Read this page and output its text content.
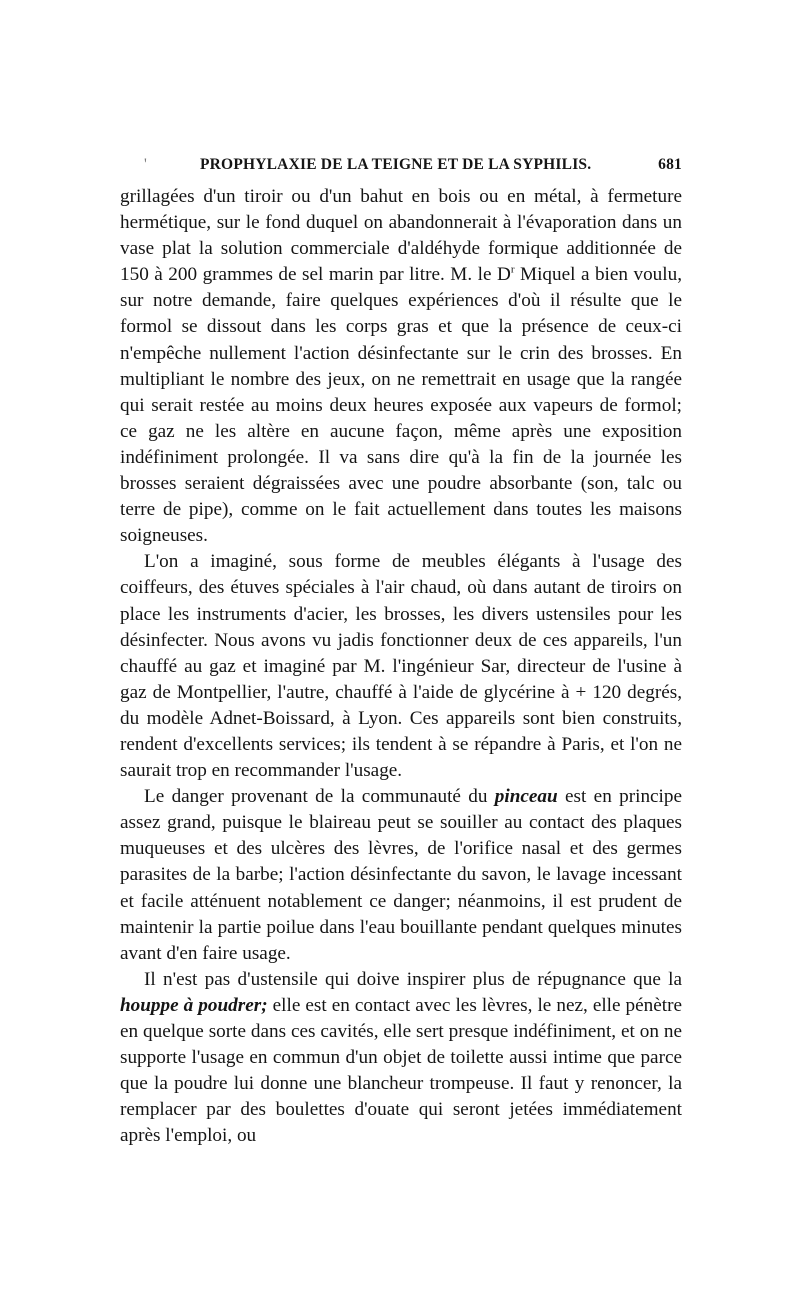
'	PROPHYLAXIE DE LA TEIGNE ET DE LA SYPHILIS.	681

grillagées d'un tiroir ou d'un bahut en bois ou en métal, à fermeture hermétique, sur le fond duquel on abandonnerait à l'évaporation dans un vase plat la solution commerciale d'aldéhyde formique additionnée de 150 à 200 grammes de sel marin par litre. M. le $D^r$ Miquel a bien voulu, sur notre demande, faire quelques expériences d'où il résulte que le formol se dissout dans les corps gras et que la présence de ceux-ci n'empêche nullement l'action désinfectante sur le crin des brosses. En multipliant le nombre des jeux, on ne remettrait en usage que la rangée qui serait restée au moins deux heures exposée aux vapeurs de formol; ce gaz ne les altère en aucune façon, même après une exposition indéfiniment prolongée. Il va sans dire qu'à la fin de la journée les brosses seraient dégraissées avec une poudre absorbante (son, talc ou terre de pipe), comme on le fait actuellement dans toutes les maisons soigneuses.

L'on a imaginé, sous forme de meubles élégants à l'usage des coiffeurs, des étuves spéciales à l'air chaud, où dans autant de tiroirs on place les instruments d'acier, les brosses, les divers ustensiles pour les désinfecter. Nous avons vu jadis fonctionner deux de ces appareils, l'un chauffé au gaz et imaginé par M. l'ingénieur Sar, directeur de l'usine à gaz de Montpellier, l'autre, chauffé à l'aide de glycérine à + 120 degrés, du modèle Adnet-Boissard, à Lyon. Ces appareils sont bien construits, rendent d'excellents services; ils tendent à se répandre à Paris, et l'on ne saurait trop en recommander l'usage.

Le danger provenant de la communauté du pinceau est en principe assez grand, puisque le blaireau peut se souiller au contact des plaques muqueuses et des ulcères des lèvres, de l'orifice nasal et des germes parasites de la barbe; l'action désinfectante du savon, le lavage incessant et facile atténuent notablement ce danger; néanmoins, il est prudent de maintenir la partie poilue dans l'eau bouillante pendant quelques minutes avant d'en faire usage.

Il n'est pas d'ustensile qui doive inspirer plus de répugnance que la houppe à poudrer; elle est en contact avec les lèvres, le nez, elle pénètre en quelque sorte dans ces cavités, elle sert presque indéfiniment, et on ne supporte l'usage en commun d'un objet de toilette aussi intime que parce que la poudre lui donne une blancheur trompeuse. Il faut y renoncer, la remplacer par des boulettes d'ouate qui seront jetées immédiatement après l'emploi, ou
